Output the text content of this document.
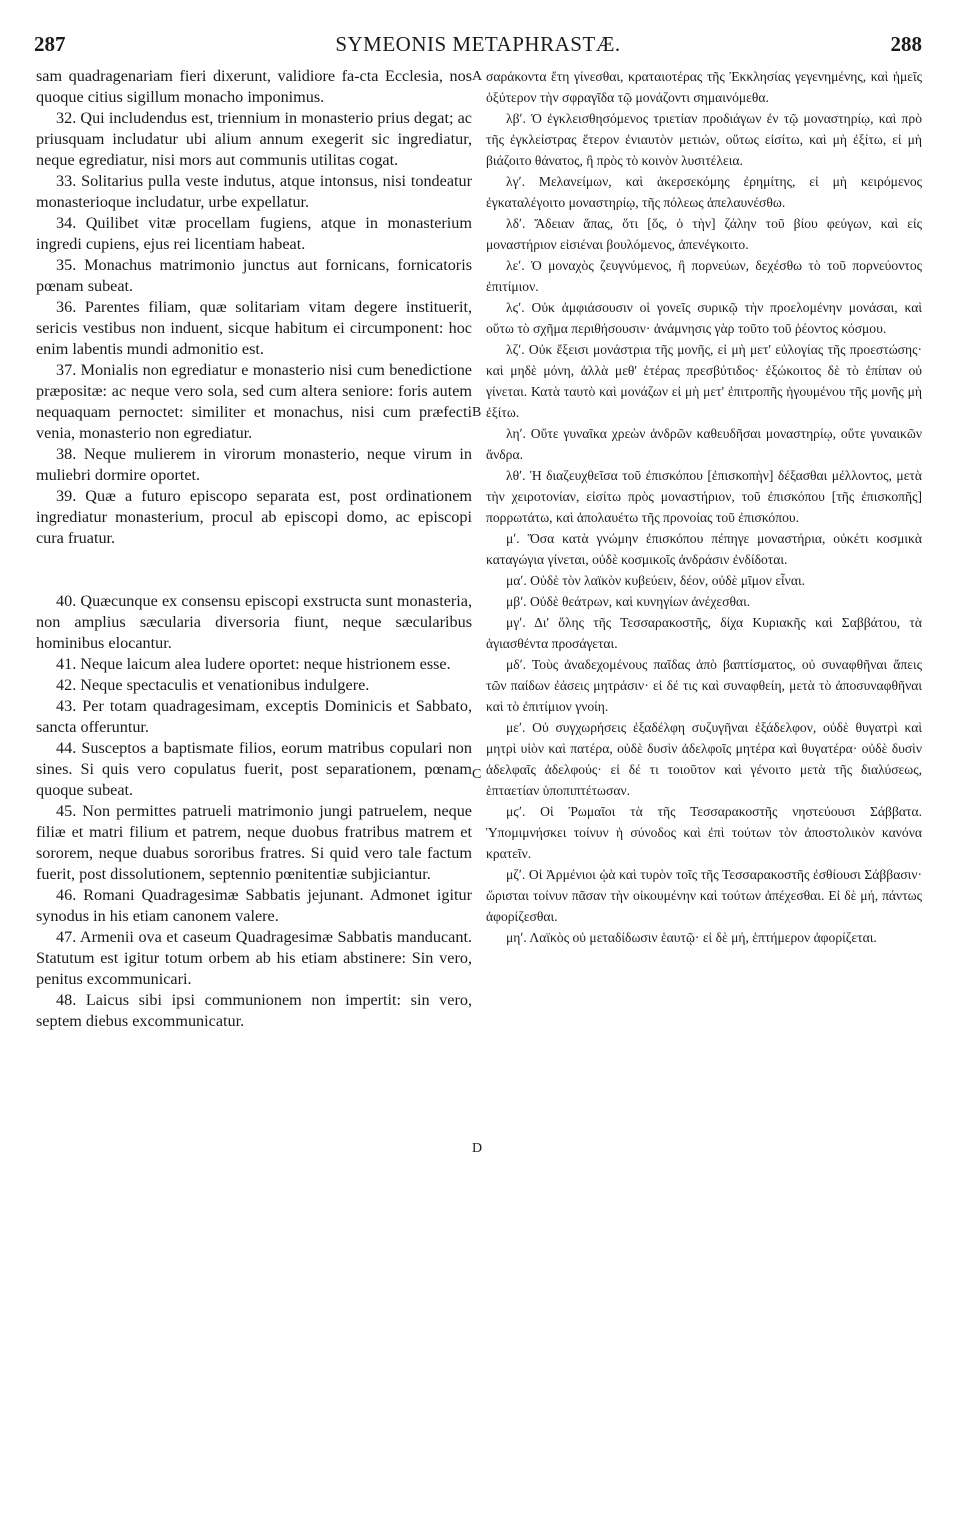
SYMEONIS METAPHRASTÆ.
287	288
A
B
C
D

sam quadragenariam fieri dixerunt, validiore fa-cta Ecclesia, nos quoque citius sigillum monacho imponimus.

32. Qui includendus est, triennium in monasterio prius degat; ac priusquam includatur ubi alium annum exegerit sic ingrediatur, neque egrediatur, nisi mors aut communis utilitas cogat.

33. Solitarius pulla veste indutus, atque intonsus, nisi tondeatur monasterioque includatur, urbe expellatur.

34. Quilibet vitæ procellam fugiens, atque in monasterium ingredi cupiens, ejus rei licentiam habeat.

35. Monachus matrimonio junctus aut fornicans, fornicatoris pœnam subeat.

36. Parentes filiam, quæ solitariam vitam degere instituerit, sericis vestibus non induent, sicque habitum ei circumponent: hoc enim labentis mundi admonitio est.

37. Monialis non egrediatur e monasterio nisi cum benedictione præpositæ: ac neque vero sola, sed cum altera seniore: foris autem nequaquam pernoctet: similiter et monachus, nisi cum præfecti venia, monasterio non egrediatur.

38. Neque mulierem in virorum monasterio, neque virum in muliebri dormire oportet.

39. Quæ a futuro episcopo separata est, post ordinationem ingrediatur monasterium, procul ab episcopi domo, ac episcopi cura fruatur.

40. Quæcunque ex consensu episcopi exstructa sunt monasteria, non amplius sæcularia diversoria fiunt, neque sæcularibus hominibus elocantur.

41. Neque laicum alea ludere oportet: neque histrionem esse.

42. Neque spectaculis et venationibus indulgere.

43. Per totam quadragesimam, exceptis Dominicis et Sabbato, sancta offeruntur.

44. Susceptos a baptismate filios, eorum matribus copulari non sines. Si quis vero copulatus fuerit, post separationem, pœnam quoque subeat.

45. Non permittes patrueli matrimonio jungi patruelem, neque filiæ et matri filium et patrem, neque duobus fratribus matrem et sororem, neque duabus sororibus fratres. Si quid vero tale factum fuerit, post dissolutionem, septennio pœnitentiæ subjiciantur.

46. Romani Quadragesimæ Sabbatis jejunant. Admonet igitur synodus in his etiam canonem valere.

47. Armenii ova et caseum Quadragesimæ Sabbatis manducant. Statutum est igitur totum orbem ab his etiam abstinere: Sin vero, penitus excommunicari.

48. Laicus sibi ipsi communionem non impertit: sin vero, septem diebus excommunicatur.

σαράκοντα ἔτη γίνεσθαι, κραταιοτέρας τῆς Ἐκκλησίας γεγενημένης, καὶ ἡμεῖς ὀξύτερον τὴν σφραγῖδα τῷ μονάζοντι σημαινόμεθα.

λβʹ. Ὁ ἐγκλεισθησόμενος τριετίαν προδιάγων ἐν τῷ μοναστηρίῳ, καὶ πρὸ τῆς ἐγκλείστρας ἕτερον ἐνιαυτὸν μετιών, οὕτως εἰσίτω, καὶ μὴ ἐξίτω, εἰ μὴ βιάζοιτο θάνατος, ἢ πρὸς τὸ κοινὸν λυσιτέλεια.

λγʹ. Μελανείμων, καὶ ἀκερσεκόμης ἐρημίτης, εἰ μὴ κειρόμενος ἐγκαταλέγοιτο μοναστηρίῳ, τῆς πόλεως ἀπελαυνέσθω.

λδʹ. Ἄδειαν ἅπας, ὅτι [ὅς, ὁ τὴν] ζάλην τοῦ βίου φεύγων, καὶ εἰς μοναστήριον εἰσιέναι βουλόμενος, ἀπενέγκοιτο.

λεʹ. Ὁ μοναχὸς ζευγνύμενος, ἢ πορνεύων, δεχέσθω τὸ τοῦ πορνεύοντος ἐπιτίμιον.

λϛʹ. Οὐκ ἀμφιάσουσιν οἱ γονεῖς συρικῷ τὴν προελομένην μονάσαι, καὶ οὕτω τὸ σχῆμα περιθήσουσιν· ἀνάμνησις γὰρ τοῦτο τοῦ ῥέοντος κόσμου.

λζʹ. Οὐκ ἔξεισι μονάστρια τῆς μονῆς, εἰ μὴ μετ' εὐλογίας τῆς προεστώσης· καὶ μηδὲ μόνη, ἀλλὰ μεθ' ἑτέρας πρεσβύτιδος· ἐξώκοιτος δὲ τὸ ἐπίπαν οὐ γίνεται. Κατὰ ταυτὸ καὶ μονάζων εἰ μὴ μετ' ἐπιτροπῆς ἡγουμένου τῆς μονῆς μὴ ἐξίτω.

ληʹ. Οὔτε γυναῖκα χρεὼν ἀνδρῶν καθευδῆσαι μοναστηρίῳ, οὔτε γυναικῶν ἄνδρα.

λθʹ. Ἡ διαζευχθεῖσα τοῦ ἐπισκόπου [ἐπισκοπὴν] δέξασθαι μέλλοντος, μετὰ τὴν χειροτονίαν, εἰσίτω πρὸς μοναστήριον, τοῦ ἐπισκόπου [τῆς ἐπισκοπῆς] πορρωτάτω, καὶ ἀπολαυέτω τῆς προνοίας τοῦ ἐπισκόπου.

μʹ. Ὅσα κατὰ γνώμην ἐπισκόπου πέπηγε μοναστήρια, οὐκέτι κοσμικὰ καταγώγια γίνεται, οὐδὲ κοσμικοῖς ἀνδράσιν ἐνδίδοται.

μαʹ. Οὐδὲ τὸν λαϊκὸν κυβεύειν, δέον, οὐδὲ μῖμον εἶναι.

μβʹ. Οὐδὲ θεάτρων, καὶ κυνηγίων ἀνέχεσθαι.

μγʹ. Δι' ὅλης τῆς Τεσσαρακοστῆς, δίχα Κυριακῆς καὶ Σαββάτου, τὰ ἁγιασθέντα προσάγεται.

μδʹ. Τοὺς ἀναδεχομένους παῖδας ἀπὸ βαπτίσματος, οὐ συναφθῆναι ἄπεις τῶν παίδων ἐάσεις μητράσιν· εἰ δέ τις καὶ συναφθείη, μετὰ τὸ ἀποσυναφθῆναι καὶ τὸ ἐπιτίμιον γνοίη.

μεʹ. Οὐ συγχωρήσεις ἐξαδέλφη συζυγῆναι ἐξάδελφον, οὐδὲ θυγατρὶ καὶ μητρὶ υἱὸν καὶ πατέρα, οὐδὲ δυσὶν ἀδελφοῖς μητέρα καὶ θυγατέρα· οὐδὲ δυσὶν ἀδελφαῖς ἀδελφούς· εἰ δέ τι τοιοῦτον καὶ γένοιτο μετὰ τῆς διαλύσεως, ἑπταετίαν ὑποπιπτέτωσαν.

μϛʹ. Οἱ Ῥωμαῖοι τὰ τῆς Τεσσαρακοστῆς νηστεύουσι Σάββατα. Ὑπομιμνήσκει τοίνυν ἡ σύνοδος καὶ ἐπὶ τούτων τὸν ἀποστολικὸν κανόνα κρατεῖν.

μζʹ. Οἱ Ἀρμένιοι ᾠὰ καὶ τυρὸν τοῖς τῆς Τεσσαρακοστῆς ἐσθίουσι Σάββασιν· ὥρισται τοίνυν πᾶσαν τὴν οἰκουμένην καὶ τούτων ἀπέχεσθαι. Εἰ δὲ μή, πάντως ἀφορίζεσθαι.

μηʹ. Λαϊκὸς οὐ μεταδίδωσιν ἑαυτῷ· εἰ δὲ μή, ἑπτήμερον ἀφορίζεται.
